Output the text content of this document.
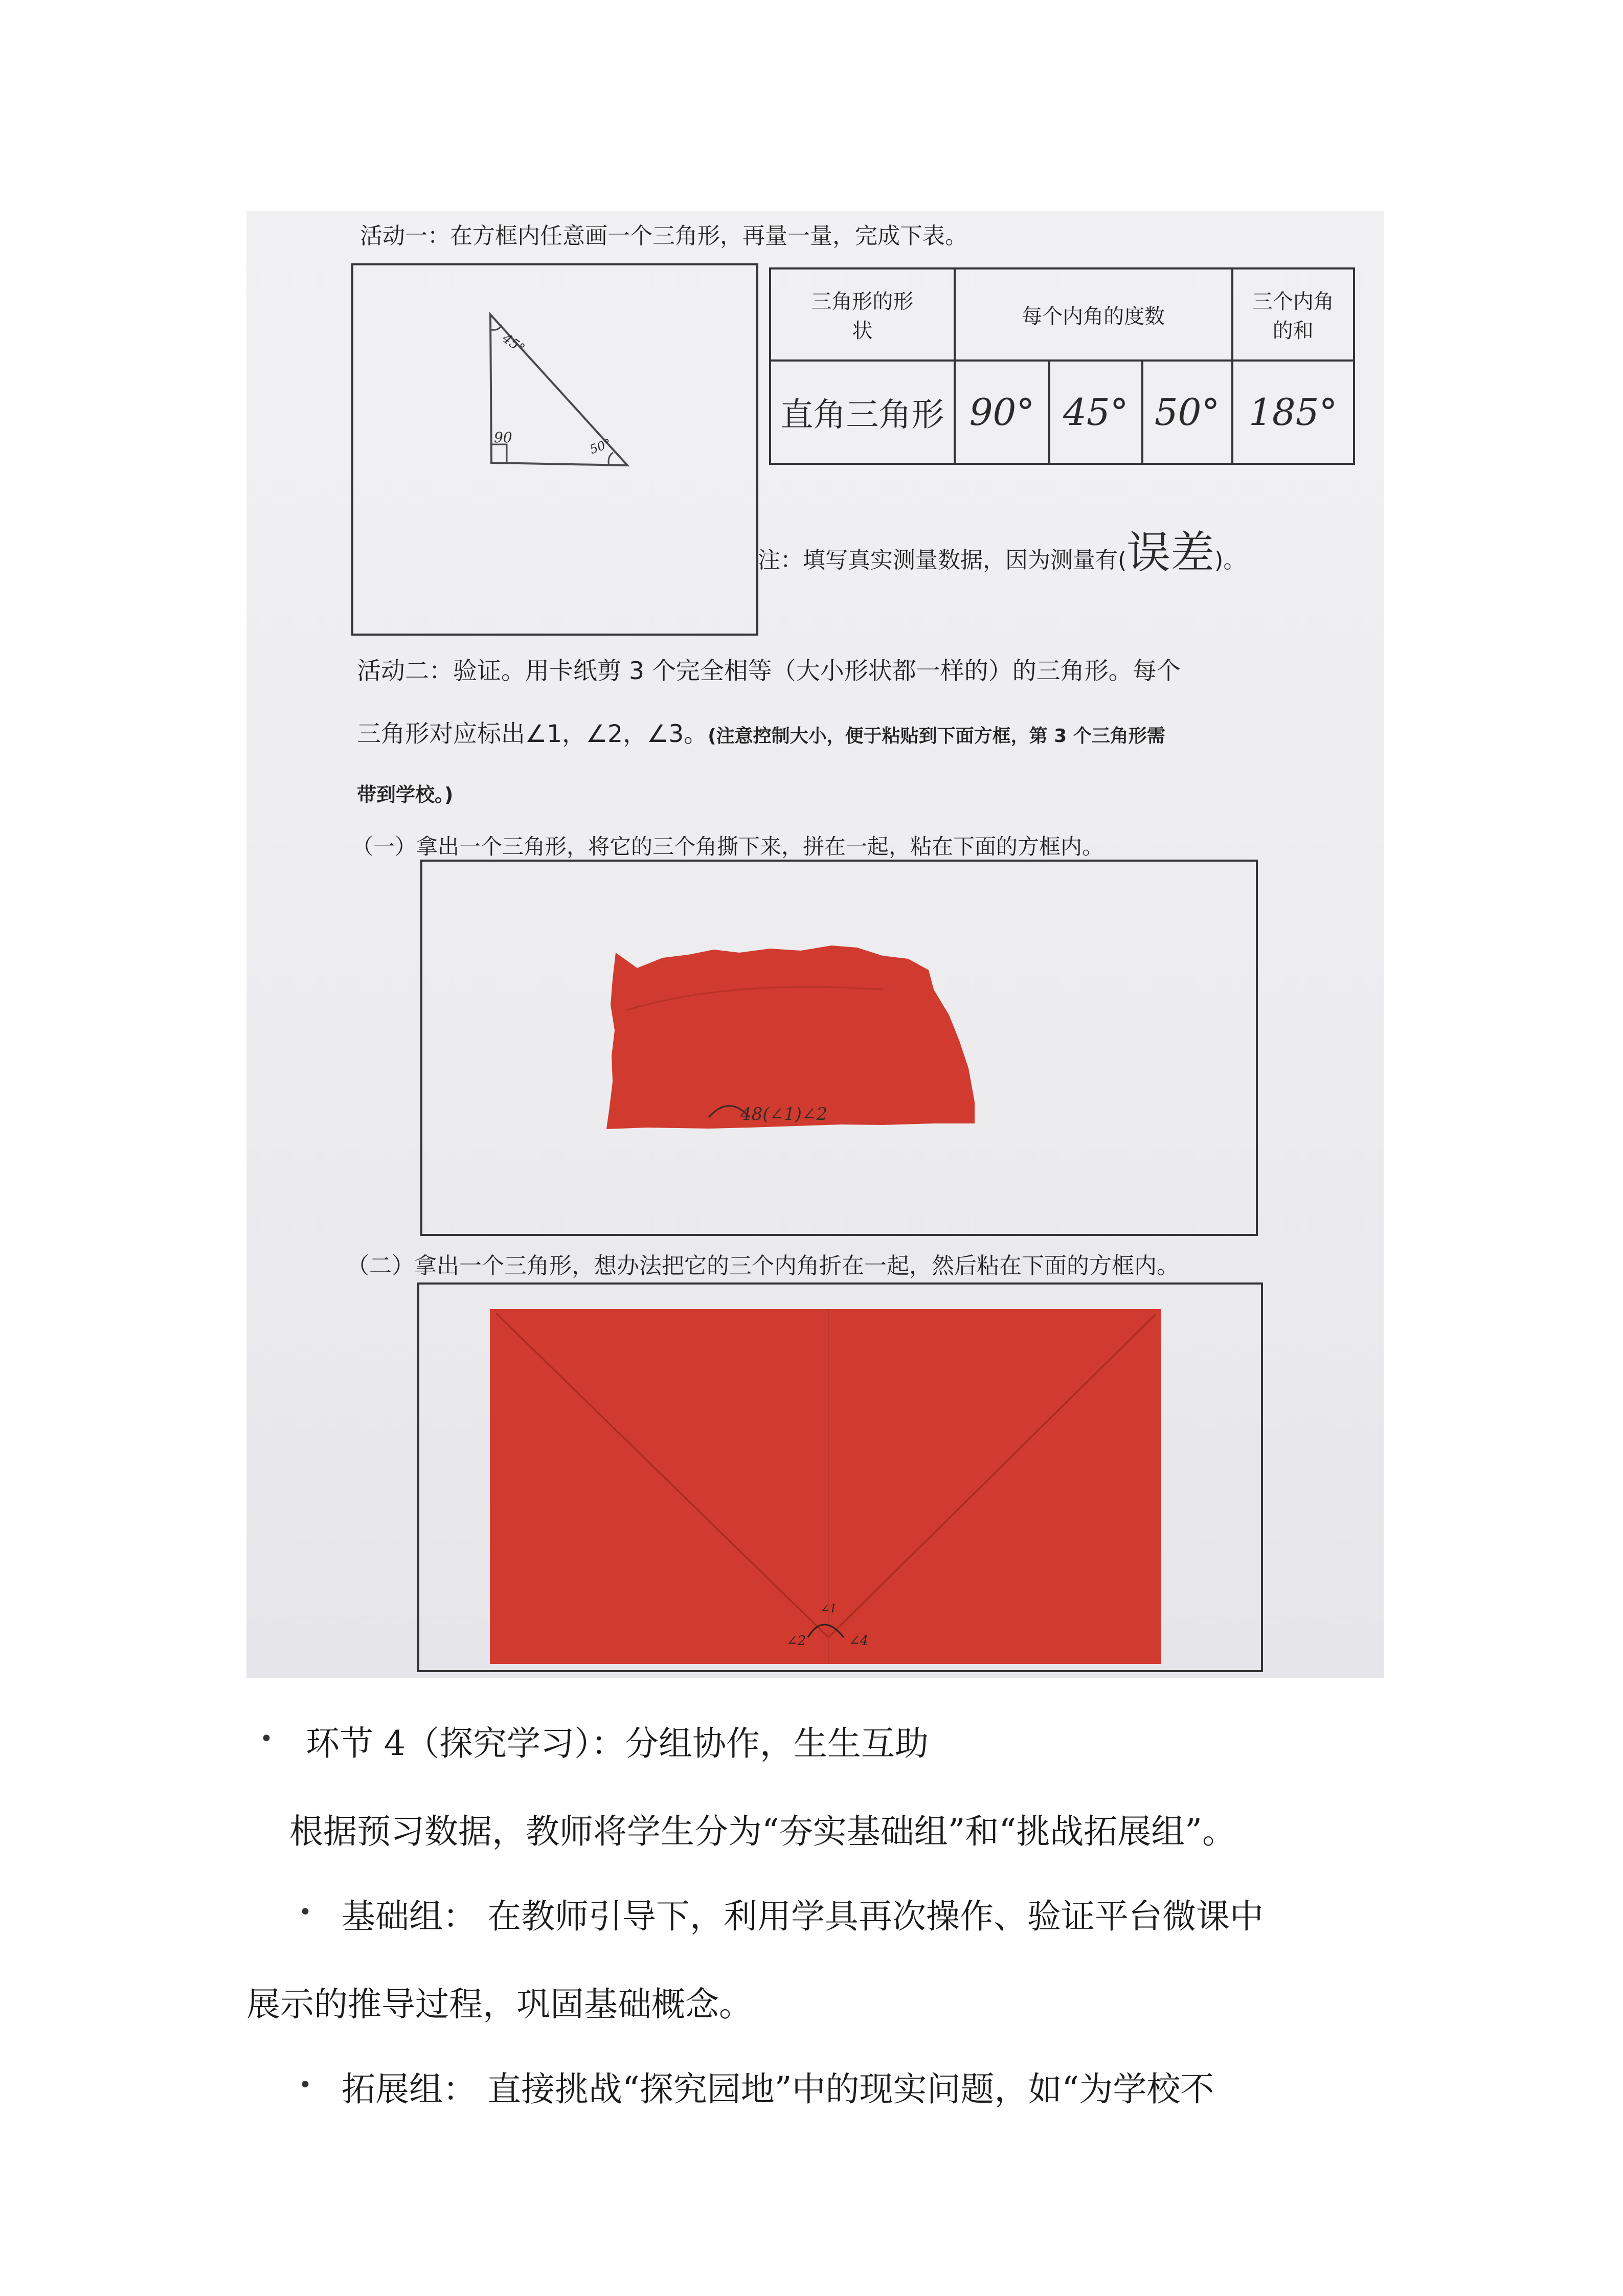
活动一：在方框内任意画一个三角形，再量一量，完成下表。
45°
90	50°
三角形的形状	每个内角的度数			三个内角的和
直角三角形	90°	45°	50°	185°
注：填写真实测量数据，因为测量有(误差)。
活动二：验证。用卡纸剪 3 个完全相等（大小形状都一样的）的三角形。每个
三角形对应标出∠1，∠2，∠3。(注意控制大小，便于粘贴到下面方框，第 3 个三角形需
带到学校。)
（一）拿出一个三角形，将它的三个角撕下来，拼在一起，粘在下面的方框内。
48(∠1)∠2
（二）拿出一个三角形，想办法把它的三个内角折在一起，然后粘在下面的方框内。
∠2
∠1
∠4
• 环节 4（探究学习）：分组协作，生生互助
根据预习数据，教师将学生分为“夯实基础组”和“挑战拓展组”。
• 基础组： 在教师引导下，利用学具再次操作、验证平台微课中
展示的推导过程，巩固基础概念。
• 拓展组： 直接挑战“探究园地”中的现实问题，如“为学校不
